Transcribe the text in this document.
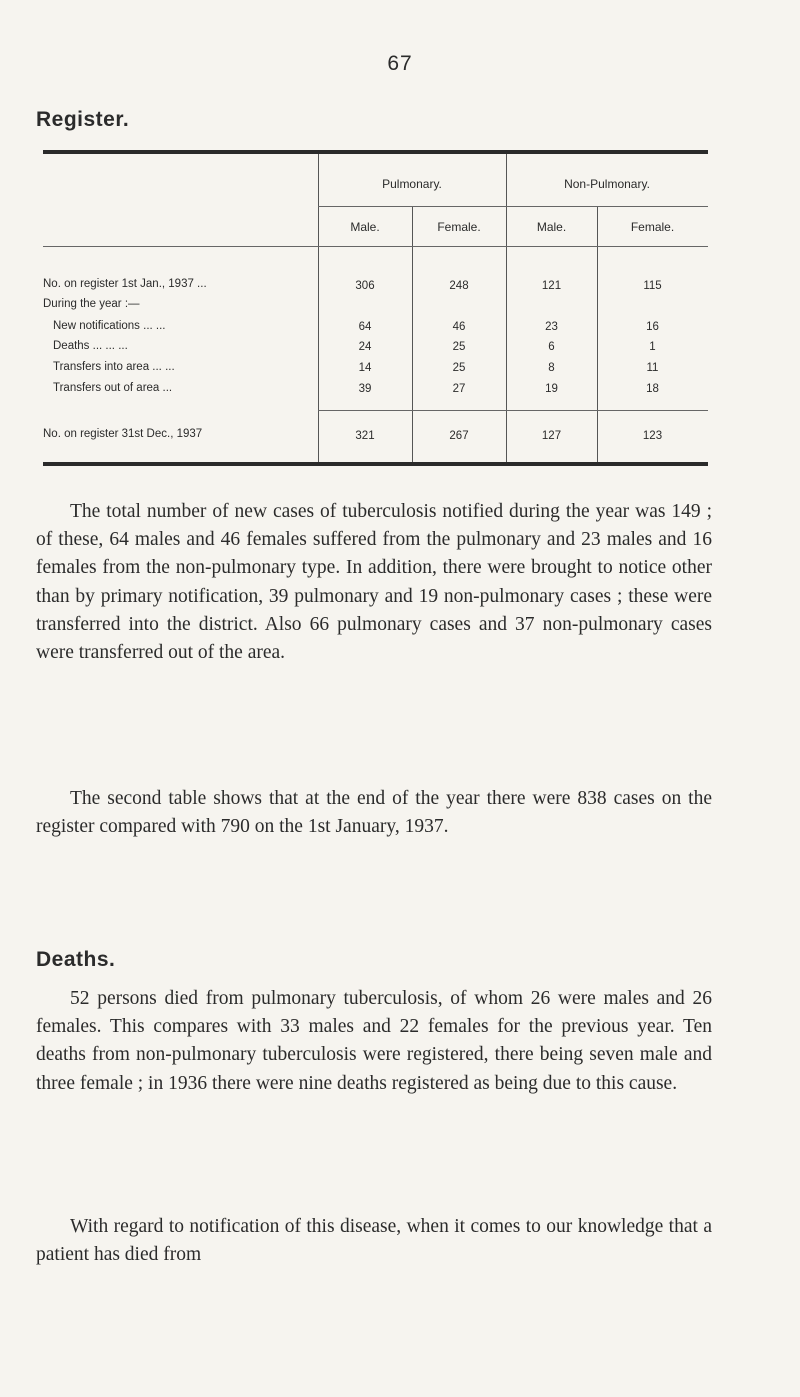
67
Register.
Pulmonary.	Non-Pulmonary.
Male.	Female.	Male.	Female.
No. on register 1st Jan., 1937 ...	306	248	121	115
During the year :—
New notifications ... ...	64	46	23	16
Deaths ... ... ...	24	25	6	1
Transfers into area ... ...	14	25	8	11
Transfers out of area ...	39	27	19	18
No. on register 31st Dec., 1937	321	267	127	123

The total number of new cases of tuberculosis notified during the year was 149 ; of these, 64 males and 46 females suffered from the pulmonary and 23 males and 16 females from the non-pulmonary type. In addition, there were brought to notice other than by primary notification, 39 pulmonary and 19 non-pulmonary cases ; these were transferred into the district. Also 66 pulmonary cases and 37 non-pulmonary cases were transferred out of the area.

The second table shows that at the end of the year there were 838 cases on the register compared with 790 on the 1st January, 1937.

Deaths.

52 persons died from pulmonary tuberculosis, of whom 26 were males and 26 females. This compares with 33 males and 22 females for the previous year. Ten deaths from non-pulmonary tuberculosis were registered, there being seven male and three female ; in 1936 there were nine deaths registered as being due to this cause.

With regard to notification of this disease, when it comes to our knowledge that a patient has died from
